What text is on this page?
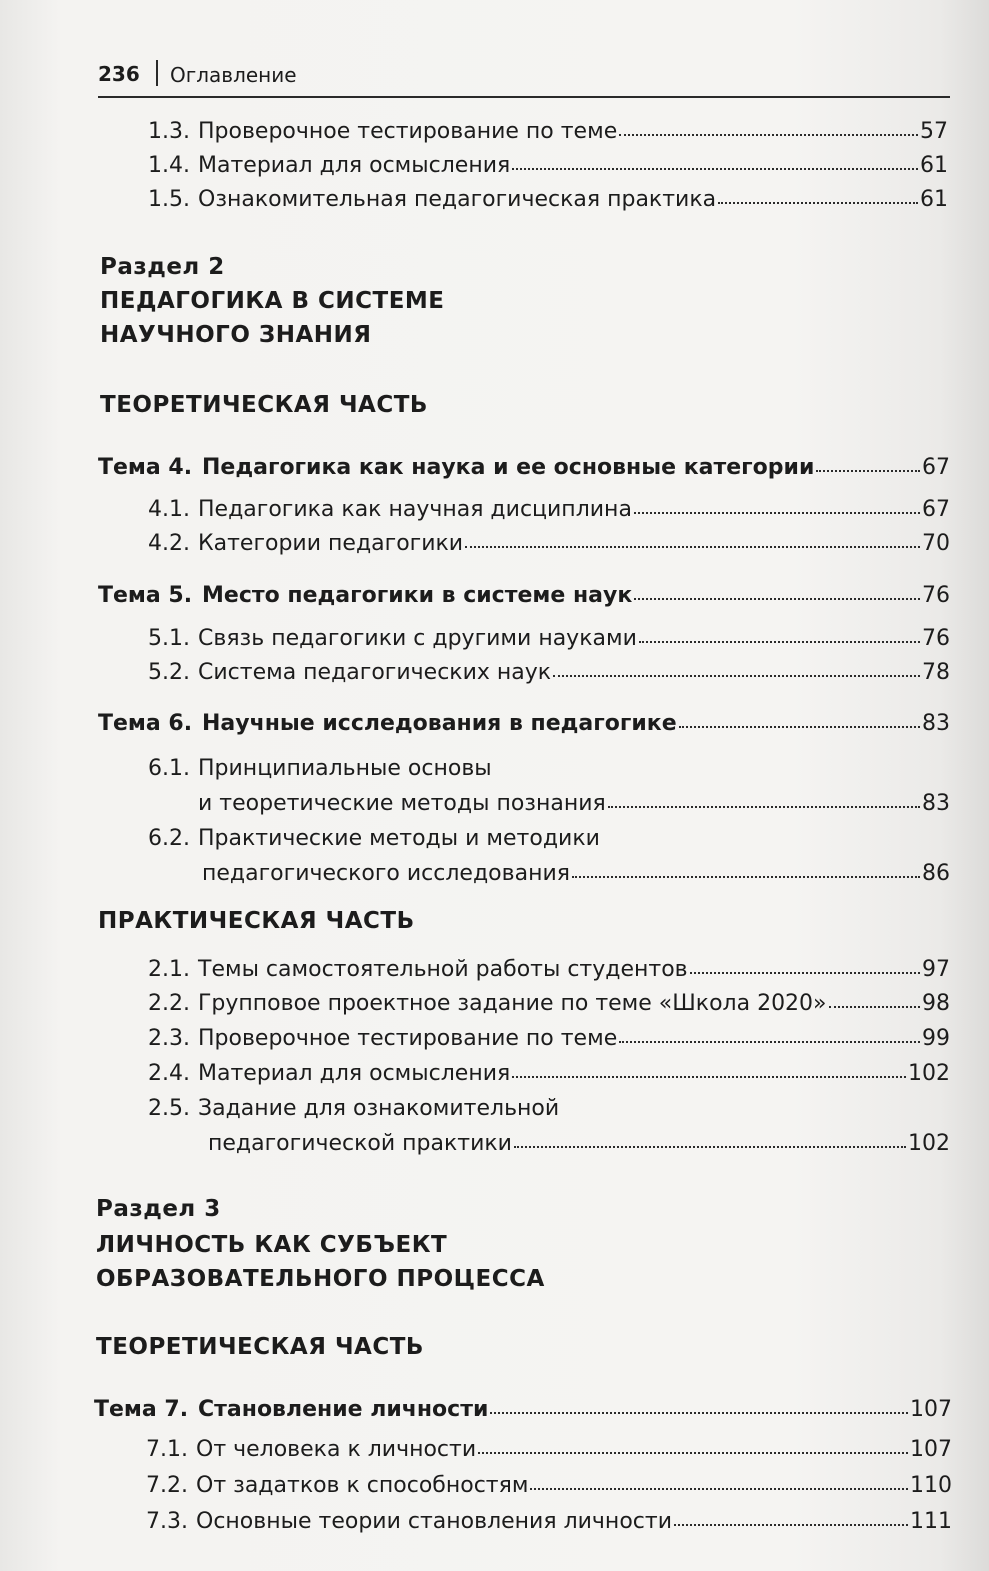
236 Оглавление
1.3. Проверочное тестирование по теме	57
1.4. Материал для осмысления	61
1.5. Ознакомительная педагогическая практика	61
Раздел 2
ПЕДАГОГИКА В СИСТЕМЕ
НАУЧНОГО ЗНАНИЯ
ТЕОРЕТИЧЕСКАЯ ЧАСТЬ
Тема 4. Педагогика как наука и ее основные категории	67
4.1. Педагогика как научная дисциплина	67
4.2. Категории педагогики	70
Тема 5. Место педагогики в системе наук	76
5.1. Связь педагогики с другими науками	76
5.2. Система педагогических наук	78
Тема 6. Научные исследования в педагогике	83
6.1. Принципиальные основы
и теоретические методы познания	83
6.2. Практические методы и методики
педагогического исследования	86
ПРАКТИЧЕСКАЯ ЧАСТЬ
2.1. Темы самостоятельной работы студентов	97
2.2. Групповое проектное задание по теме «Школа 2020»	98
2.3. Проверочное тестирование по теме	99
2.4. Материал для осмысления	102
2.5. Задание для ознакомительной
педагогической практики	102
Раздел 3
ЛИЧНОСТЬ КАК СУБЪЕКТ
ОБРАЗОВАТЕЛЬНОГО ПРОЦЕССА
ТЕОРЕТИЧЕСКАЯ ЧАСТЬ
Тема 7. Становление личности	107
7.1. От человека к личности	107
7.2. От задатков к способностям	110
7.3. Основные теории становления личности	111
